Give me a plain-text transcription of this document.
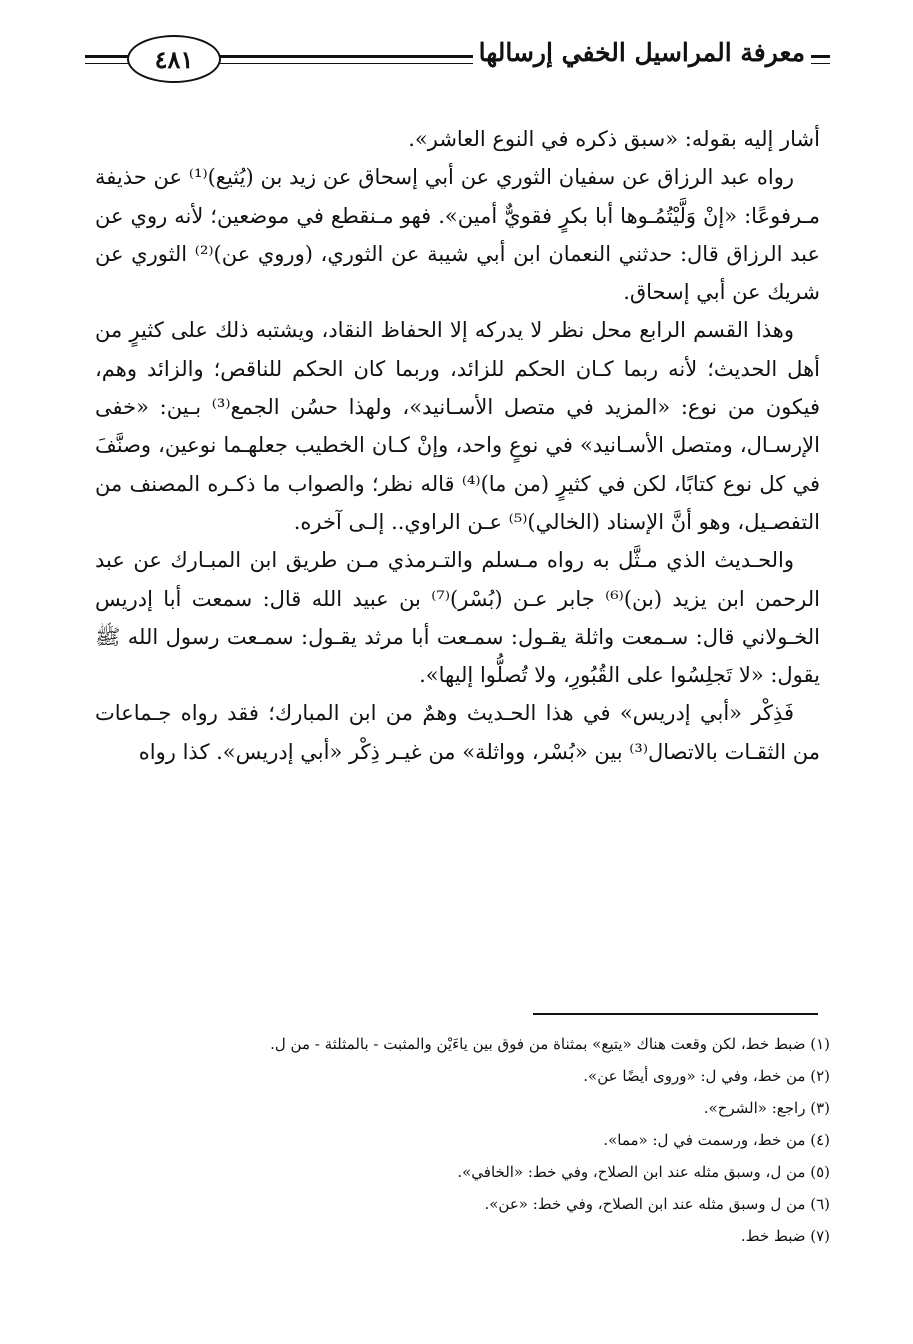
٤٨١	معرفة المراسيل الخفي إرسالها

أشار إليه بقوله: «سبق ذكره في النوع العاشر».

رواه عبد الرزاق عن سفيان الثوري عن أبي إسحاق عن زيد بن (يُثيع)⁽¹⁾ عن حذيفة مـرفوعًا: «إنْ وَلَّيْتُمُـوها أبا بكرٍ فقويٌّ أمين». فهو مـنقطع في موضعين؛ لأنه روي عن عبد الرزاق قال: حدثني النعمان ابن أبي شيبة عن الثوري، (وروي عن)⁽²⁾ الثوري عن شريك عن أبي إسحاق.

وهذا القسم الرابع محل نظر لا يدركه إلا الحفاظ النقاد، ويشتبه ذلك على كثيرٍ من أهل الحديث؛ لأنه ربما كـان الحكم للزائد، وربما كان الحكم للناقص؛ والزائد وهم، فيكون من نوع: «المزيد في متصل الأسـانيد»، ولهذا حسُن الجمع⁽³⁾ بـين: «خفى الإرسـال، ومتصل الأسـانيد» في نوعٍ واحد، وإنْ كـان الخطيب جعلهـما نوعين، وصنَّفَ في كل نوع كتابًا، لكن في كثيرٍ (من ما)⁽⁴⁾ قاله نظر؛ والصواب ما ذكـره المصنف من التفصـيل، وهو أنَّ الإسناد (الخالي)⁽⁵⁾ عـن الراوي.. إلـى آخره.

والحـديث الذي مـثَّل به رواه مـسلم والتـرمذي مـن طريق ابن المبـارك عن عبد الرحمن ابن يزيد (بن)⁽⁶⁾ جابر عـن (بُسْر)⁽⁷⁾ بن عبيد الله قال: سمعت أبا إدريس الخـولاني قال: سـمعت واثلة يقـول: سمـعت أبا مرثد يقـول: سمـعت رسول الله ﷺ يقول: «لا تَجلِسُوا على القُبُورِ، ولا تُصلُّوا إليها».

فَذِكْر «أبي إدريس» في هذا الحـديث وهمٌ من ابن المبارك؛ فقد رواه جـماعات من الثقـات بالاتصال⁽³⁾ بين «بُسْر، وواثلة» من غيـر ذِكْر «أبي إدريس». كذا رواه

(١) ضبط خط، لكن وقعت هناك «يتيع» بمثناة من فوق بين ياءَيْن والمثبت - بالمثلثة - من ل.
(٢) من خط، وفي ل: «وروى أيضًا عن».
(٣) راجع: «الشرح».
(٤) من خط، ورسمت في ل: «مما».
(٥) من ل، وسبق مثله عند ابن الصلاح، وفي خط: «الخافي».
(٦) من ل وسبق مثله عند ابن الصلاح، وفي خط: «عن».
(٧) ضبط خط.
